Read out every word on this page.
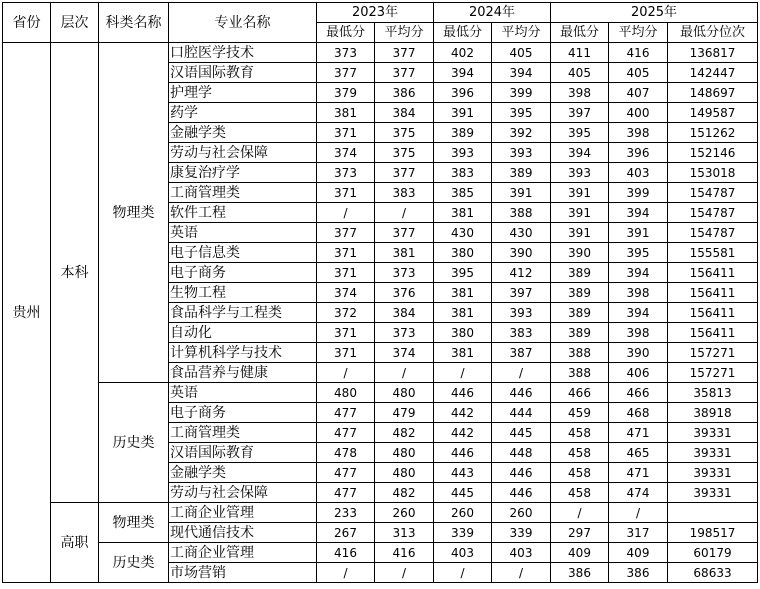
省份	层次	科类名称	专业名称	2023年		2024年		2025年		
				最低分	平均分	最低分	平均分	最低分	平均分	最低分位次
贵州	本科	物理类	口腔医学技术	373	377	402	405	411	416	136817
			汉语国际教育	377	377	394	394	405	405	142447
			护理学	379	386	396	399	398	407	148697
			药学	381	384	391	395	397	400	149587
			金融学类	371	375	389	392	395	398	151262
			劳动与社会保障	374	375	393	393	394	396	152146
			康复治疗学	373	377	383	389	393	403	153018
			工商管理类	371	383	385	391	391	399	154787
			软件工程	/	/	381	388	391	394	154787
			英语	377	377	430	430	391	391	154787
			电子信息类	371	381	380	390	390	395	155581
			电子商务	371	373	395	412	389	394	156411
			生物工程	374	376	381	397	389	398	156411
			食品科学与工程类	372	384	381	393	389	394	156411
			自动化	371	373	380	383	389	398	156411
			计算机科学与技术	371	374	381	387	388	390	157271
			食品营养与健康	/	/	/	/	388	406	157271
		历史类	英语	480	480	446	446	466	466	35813
			电子商务	477	479	442	444	459	468	38918
			工商管理类	477	482	442	445	458	471	39331
			汉语国际教育	478	480	446	448	458	465	39331
			金融学类	477	480	443	446	458	471	39331
			劳动与社会保障	477	482	445	446	458	474	39331
	高职	物理类	工商企业管理	233	260	260	260	/	/	
			现代通信技术	267	313	339	339	297	317	198517
		历史类	工商企业管理	416	416	403	403	409	409	60179
			市场营销	/	/	/	/	386	386	68633
